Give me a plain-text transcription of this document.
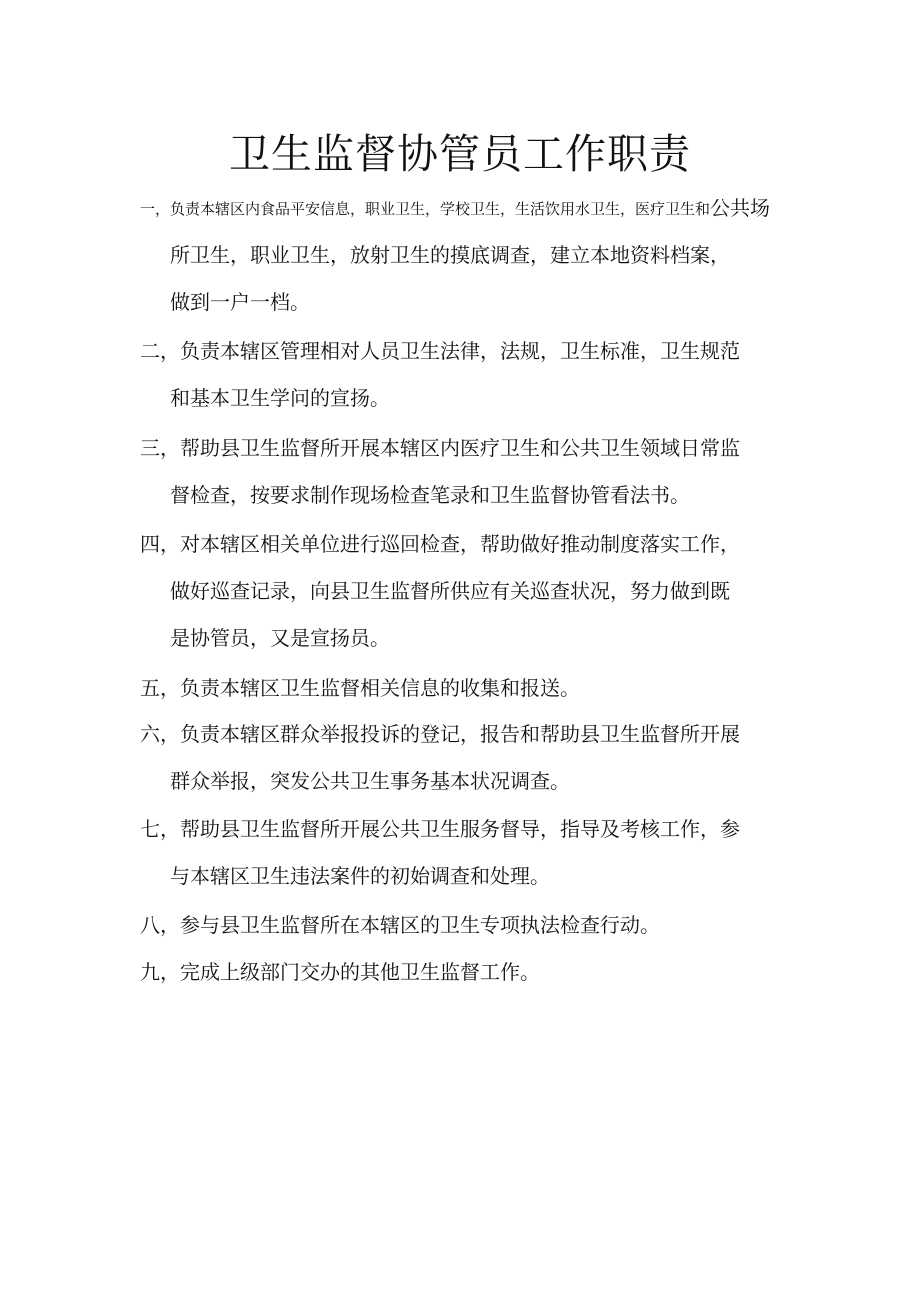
卫生监督协管员工作职责

一，负责本辖区内食品平安信息，职业卫生，学校卫生，生活饮用水卫生，医疗卫生和公共场
所卫生，职业卫生，放射卫生的摸底调查，建立本地资料档案，
做到一户一档。

二，负责本辖区管理相对人员卫生法律，法规，卫生标准，卫生规范
和基本卫生学问的宣扬。

三，帮助县卫生监督所开展本辖区内医疗卫生和公共卫生领域日常监
督检查，按要求制作现场检查笔录和卫生监督协管看法书。

四，对本辖区相关单位进行巡回检查，帮助做好推动制度落实工作，
做好巡查记录，向县卫生监督所供应有关巡查状况，努力做到既
是协管员，又是宣扬员。

五，负责本辖区卫生监督相关信息的收集和报送。

六，负责本辖区群众举报投诉的登记，报告和帮助县卫生监督所开展
群众举报，突发公共卫生事务基本状况调查。

七，帮助县卫生监督所开展公共卫生服务督导，指导及考核工作，参
与本辖区卫生违法案件的初始调查和处理。

八，参与县卫生监督所在本辖区的卫生专项执法检查行动。

九，完成上级部门交办的其他卫生监督工作。
